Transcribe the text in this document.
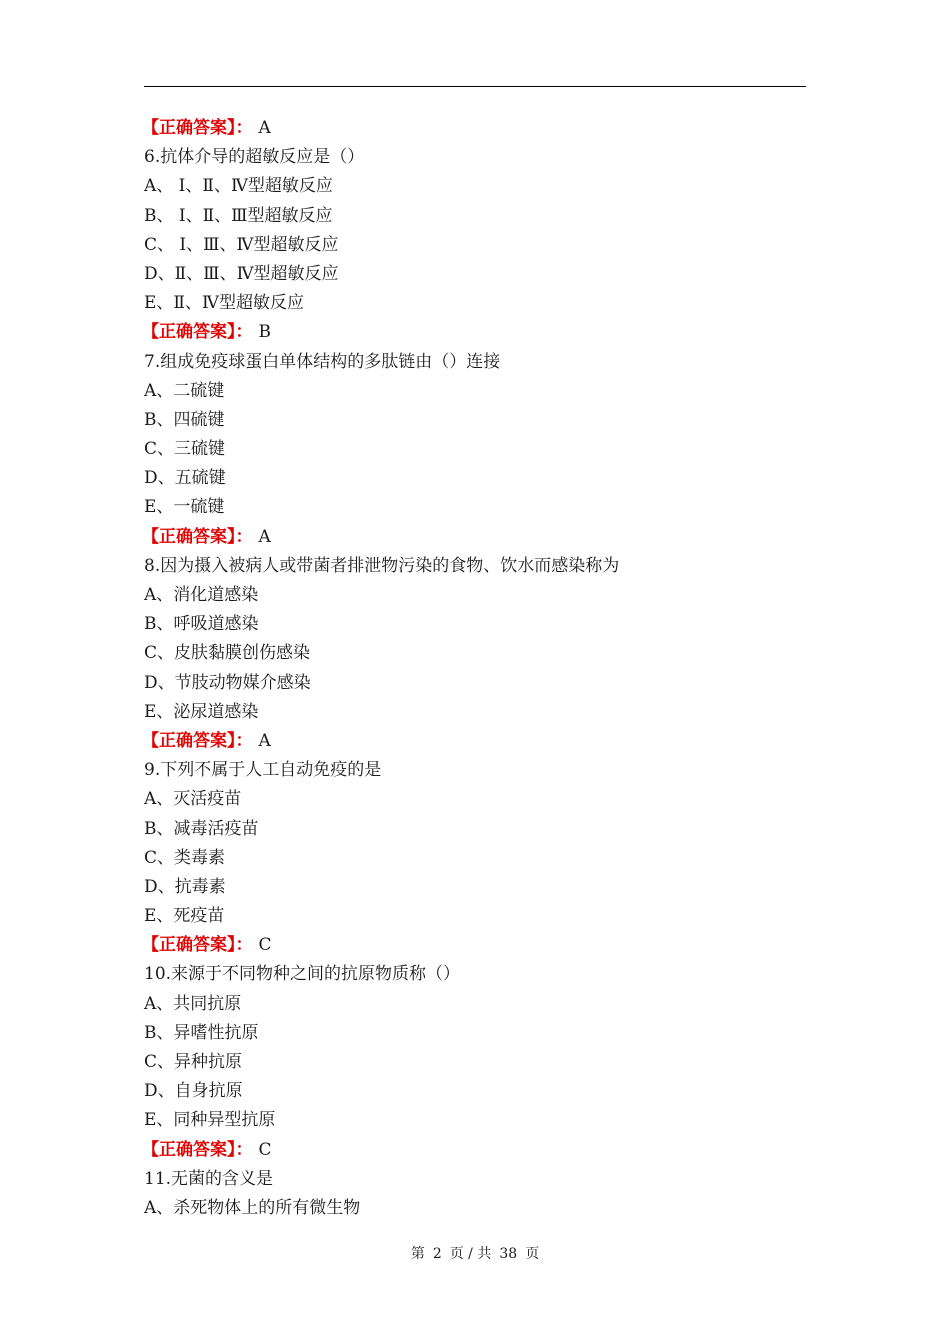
【正确答案】： A
6.抗体介导的超敏反应是（）
A、 Ⅰ、Ⅱ、Ⅳ型超敏反应
B、 Ⅰ、Ⅱ、Ⅲ型超敏反应
C、 Ⅰ、Ⅲ、Ⅳ型超敏反应
D、Ⅱ、Ⅲ、Ⅳ型超敏反应
E、Ⅱ、Ⅳ型超敏反应
【正确答案】： B
7.组成免疫球蛋白单体结构的多肽链由（）连接
A、二硫键
B、四硫键
C、三硫键
D、五硫键
E、一硫键
【正确答案】： A
8.因为摄入被病人或带菌者排泄物污染的食物、饮水而感染称为
A、消化道感染
B、呼吸道感染
C、皮肤黏膜创伤感染
D、节肢动物媒介感染
E、泌尿道感染
【正确答案】： A
9.下列不属于人工自动免疫的是
A、灭活疫苗
B、减毒活疫苗
C、类毒素
D、抗毒素
E、死疫苗
【正确答案】： C
10.来源于不同物种之间的抗原物质称（）
A、共同抗原
B、异嗜性抗原
C、异种抗原
D、自身抗原
E、同种异型抗原
【正确答案】： C
11.无菌的含义是
A、杀死物体上的所有微生物
第 2 页 / 共 38 页
